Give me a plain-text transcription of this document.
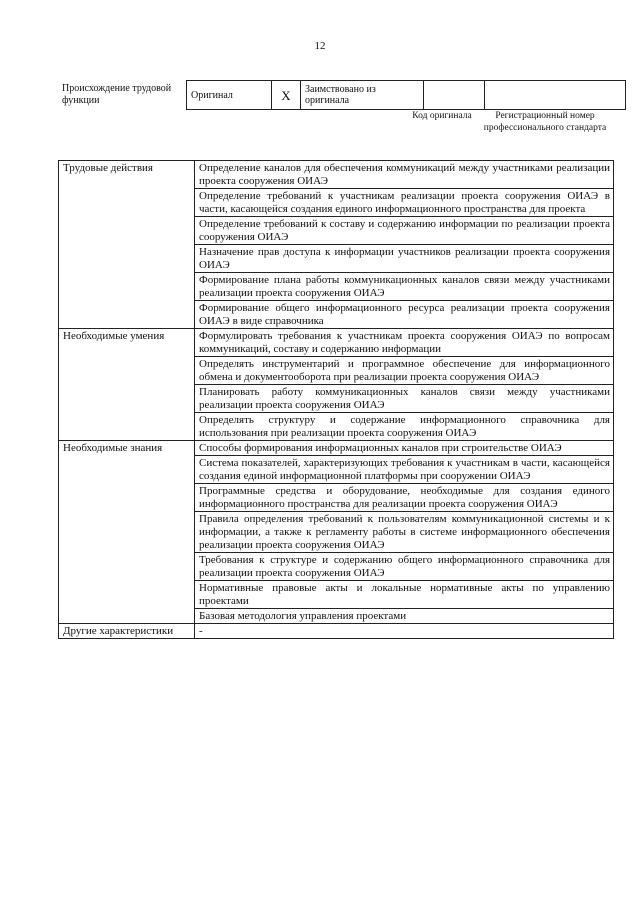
12
Происхождение трудовой функции	Оригинал	X	Заимствовано из оригинала		
Код оригинала	Регистрационный номер профессионального стандарта
Трудовые действия	Определение каналов для обеспечения коммуникаций между участниками реализации проекта сооружения ОИАЭ
	Определение требований к участникам реализации проекта сооружения ОИАЭ в части, касающейся создания единого информационного пространства для проекта
	Определение требований к составу и содержанию информации по реализации проекта сооружения ОИАЭ
	Назначение прав доступа к информации участников реализации проекта сооружения ОИАЭ
	Формирование плана работы коммуникационных каналов связи между участниками реализации проекта сооружения ОИАЭ
	Формирование общего информационного ресурса реализации проекта сооружения ОИАЭ в виде справочника
Необходимые умения	Формулировать требования к участникам проекта сооружения ОИАЭ по вопросам коммуникаций, составу и содержанию информации
	Определять инструментарий и программное обеспечение для информационного обмена и документооборота при реализации проекта сооружения ОИАЭ
	Планировать работу коммуникационных каналов связи между участниками реализации проекта сооружения ОИАЭ
	Определять структуру и содержание информационного справочника для использования при реализации проекта сооружения ОИАЭ
Необходимые знания	Способы формирования информационных каналов при строительстве ОИАЭ
	Система показателей, характеризующих требования к участникам в части, касающейся создания единой информационной платформы при сооружении ОИАЭ
	Программные средства и оборудование, необходимые для создания единого информационного пространства для реализации проекта сооружения ОИАЭ
	Правила определения требований к пользователям коммуникационной системы и к информации, а также к регламенту работы в системе информационного обеспечения реализации проекта сооружения ОИАЭ
	Требования к структуре и содержанию общего информационного справочника для реализации проекта сооружения ОИАЭ
	Нормативные правовые акты и локальные нормативные акты по управлению проектами
	Базовая методология управления проектами
Другие характеристики	-
